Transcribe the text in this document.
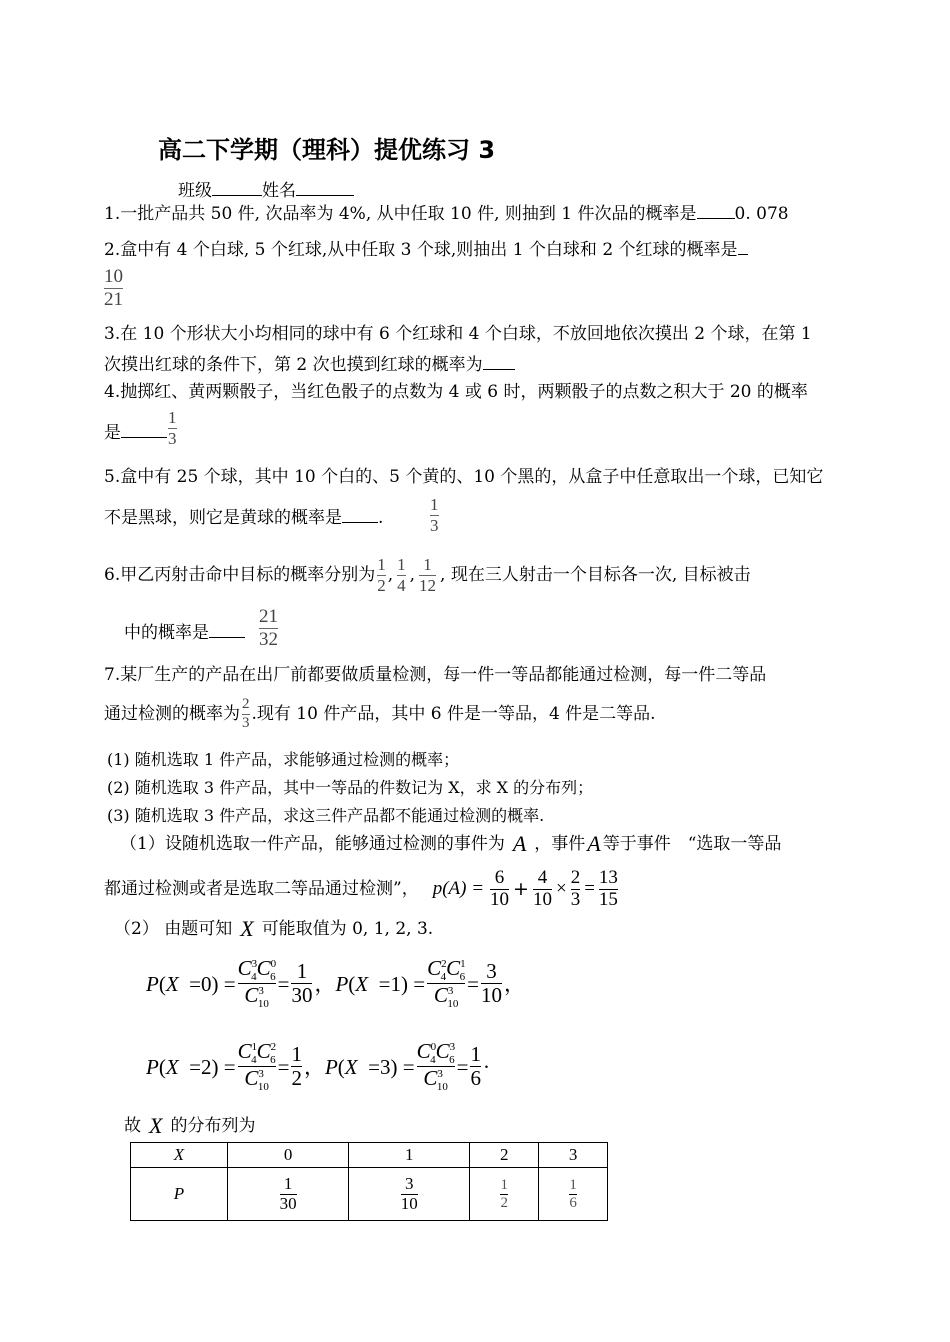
高二下学期（理科）提优练习 3
班级	姓名
1.一批产品共 50 件, 次品率为 4%, 从中任取 10 件, 则抽到 1 件次品的概率是 0. 078
2.盒中有 4 个白球, 5 个红球,从中任取 3 个球,则抽出 1 个白球和 2 个红球的概率是
$\frac{10}{21}$
3.在 10 个形状大小均相同的球中有 6 个红球和 4 个白球，不放回地依次摸出 2 个球，在第 1
次摸出红球的条件下，第 2 次也摸到红球的概率为
4.抛掷红、黄两颗骰子，当红色骰子的点数为 4 或 6 时，两颗骰子的点数之积大于 20 的概率
是	$\frac{1}{3}$
5.盒中有 25 个球，其中 10 个白的、5 个黄的、10 个黑的，从盒子中任意取出一个球，已知它
不是黑球，则它是黄球的概率是 .	$\frac{1}{3}$
6.甲乙丙射击命中目标的概率分别为 $\frac{1}{2}$ , $\frac{1}{4}$ , $\frac{1}{12}$ , 现在三人射击一个目标各一次, 目标被击
中的概率是	$\frac{21}{32}$
7.某厂生产的产品在出厂前都要做质量检测，每一件一等品都能通过检测，每一件二等品
通过检测的概率为 $\frac{2}{3}$ .现有 10 件产品，其中 6 件是一等品，4 件是二等品.
(1) 随机选取 1 件产品，求能够通过检测的概率；
(2) 随机选取 3 件产品，其中一等品的件数记为 X，求 X 的分布列；
(3) 随机选取 3 件产品，求这三件产品都不能通过检测的概率.
（1）设随机选取一件产品，能够通过检测的事件为 A ，事件 A 等于事件　“选取一等品
都通过检测或者是选取二等品通过检测”， $p(A) = \frac{6}{10} + \frac{4}{10} \times \frac{2}{3} = \frac{13}{15}$
（2） 由题可知 X 可能取值为 0, 1, 2, 3.
$P(X =0) = \frac{C^3_4C^0_6}{C^3_{10}} = \frac{1}{30}$ ，$P(X =1) = \frac{C^2_4C^1_6}{C^3_{10}} = \frac{3}{10}$ ，
$P(X =2) = \frac{C^1_4C^2_6}{C^3_{10}} = \frac{1}{2}$ ，$P(X =3) = \frac{C^0_4C^3_6}{C^3_{10}} = \frac{1}{6}$ ·
故 X 的分布列为
X	0	1	2	3
P	$\frac{1}{30}$	$\frac{3}{10}$	$\frac{1}{2}$	$\frac{1}{6}$
